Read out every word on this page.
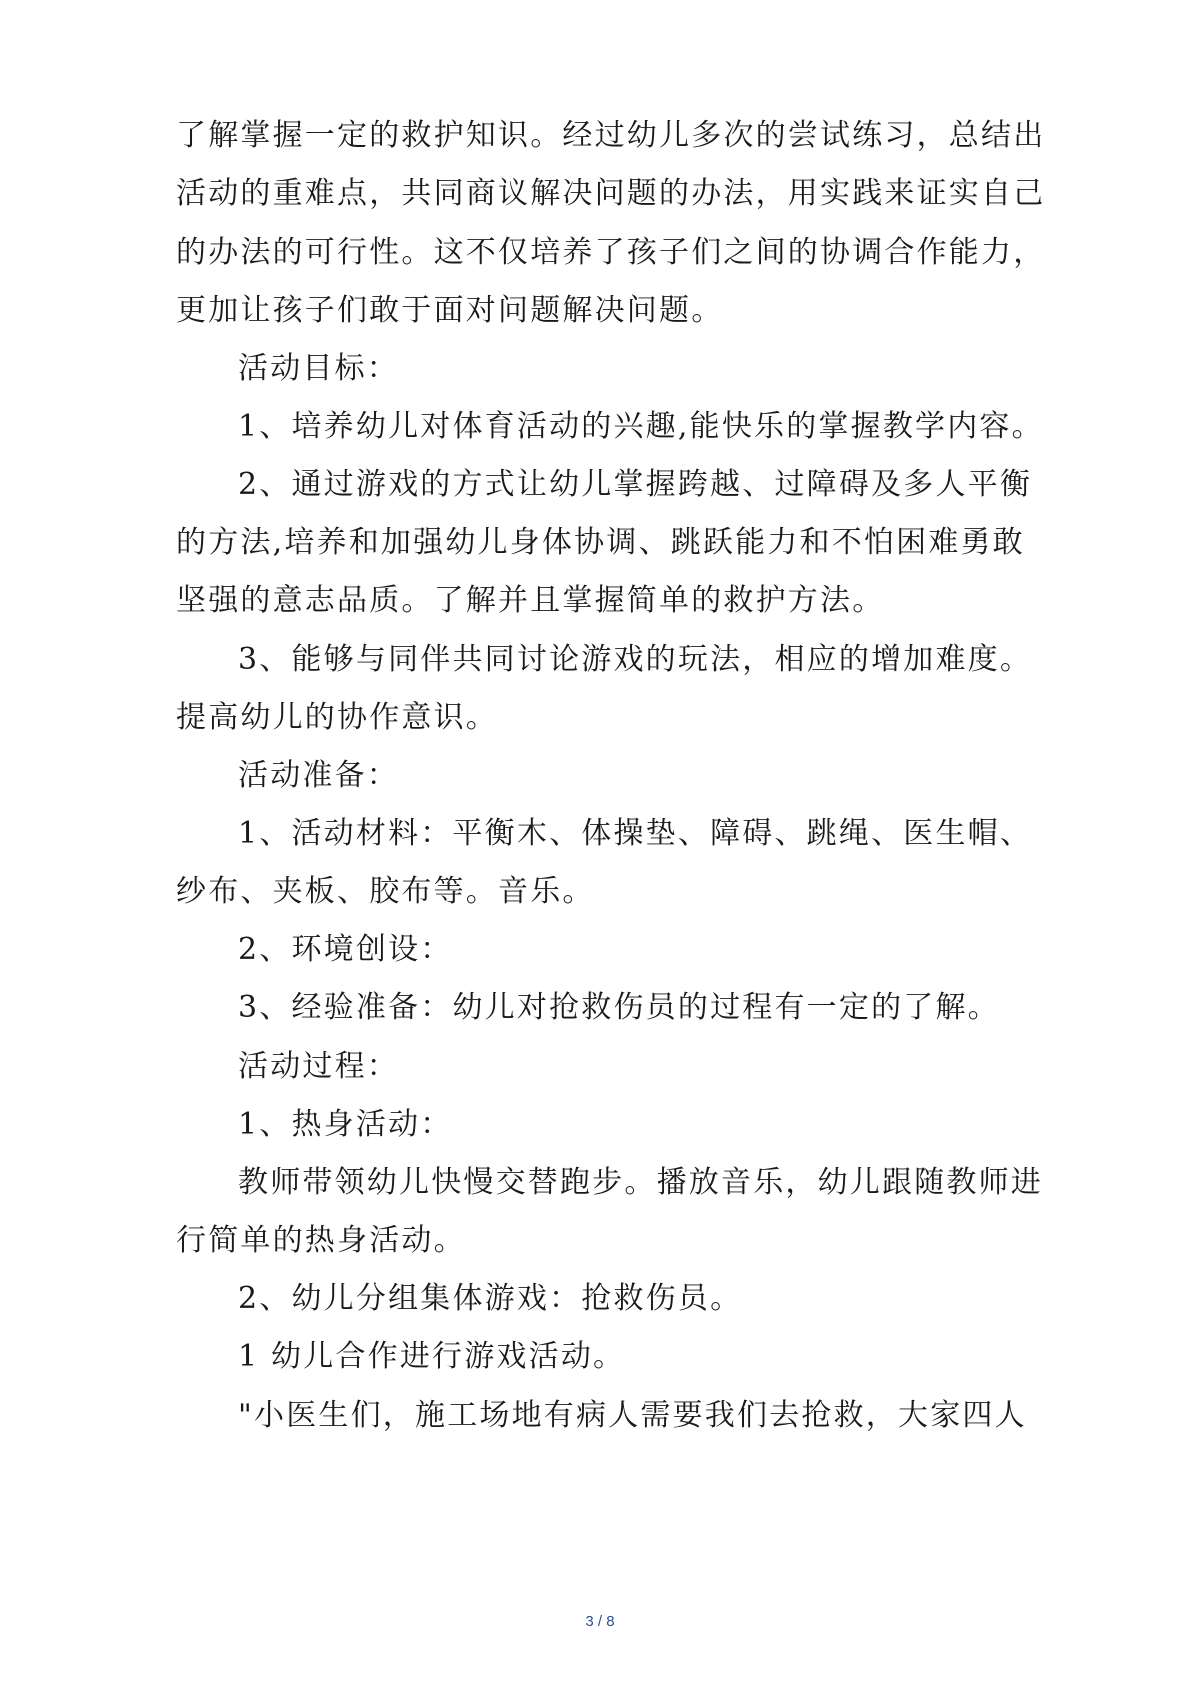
了解掌握一定的救护知识。经过幼儿多次的尝试练习，总结出

活动的重难点，共同商议解决问题的办法，用实践来证实自己

的办法的可行性。这不仅培养了孩子们之间的协调合作能力，

更加让孩子们敢于面对问题解决问题。

活动目标：

1、培养幼儿对体育活动的兴趣,能快乐的掌握教学内容。

2、通过游戏的方式让幼儿掌握跨越、过障碍及多人平衡

的方法,培养和加强幼儿身体协调、跳跃能力和不怕困难勇敢

坚强的意志品质。了解并且掌握简单的救护方法。

3、能够与同伴共同讨论游戏的玩法，相应的增加难度。

提高幼儿的协作意识。

活动准备：

1、活动材料：平衡木、体操垫、障碍、跳绳、医生帽、

纱布、夹板、胶布等。音乐。

2、环境创设：

3、经验准备：幼儿对抢救伤员的过程有一定的了解。

活动过程：

1、热身活动：

教师带领幼儿快慢交替跑步。播放音乐，幼儿跟随教师进

行简单的热身活动。

2、幼儿分组集体游戏：抢救伤员。

1 幼儿合作进行游戏活动。

"小医生们，施工场地有病人需要我们去抢救，大家四人

3 / 8
